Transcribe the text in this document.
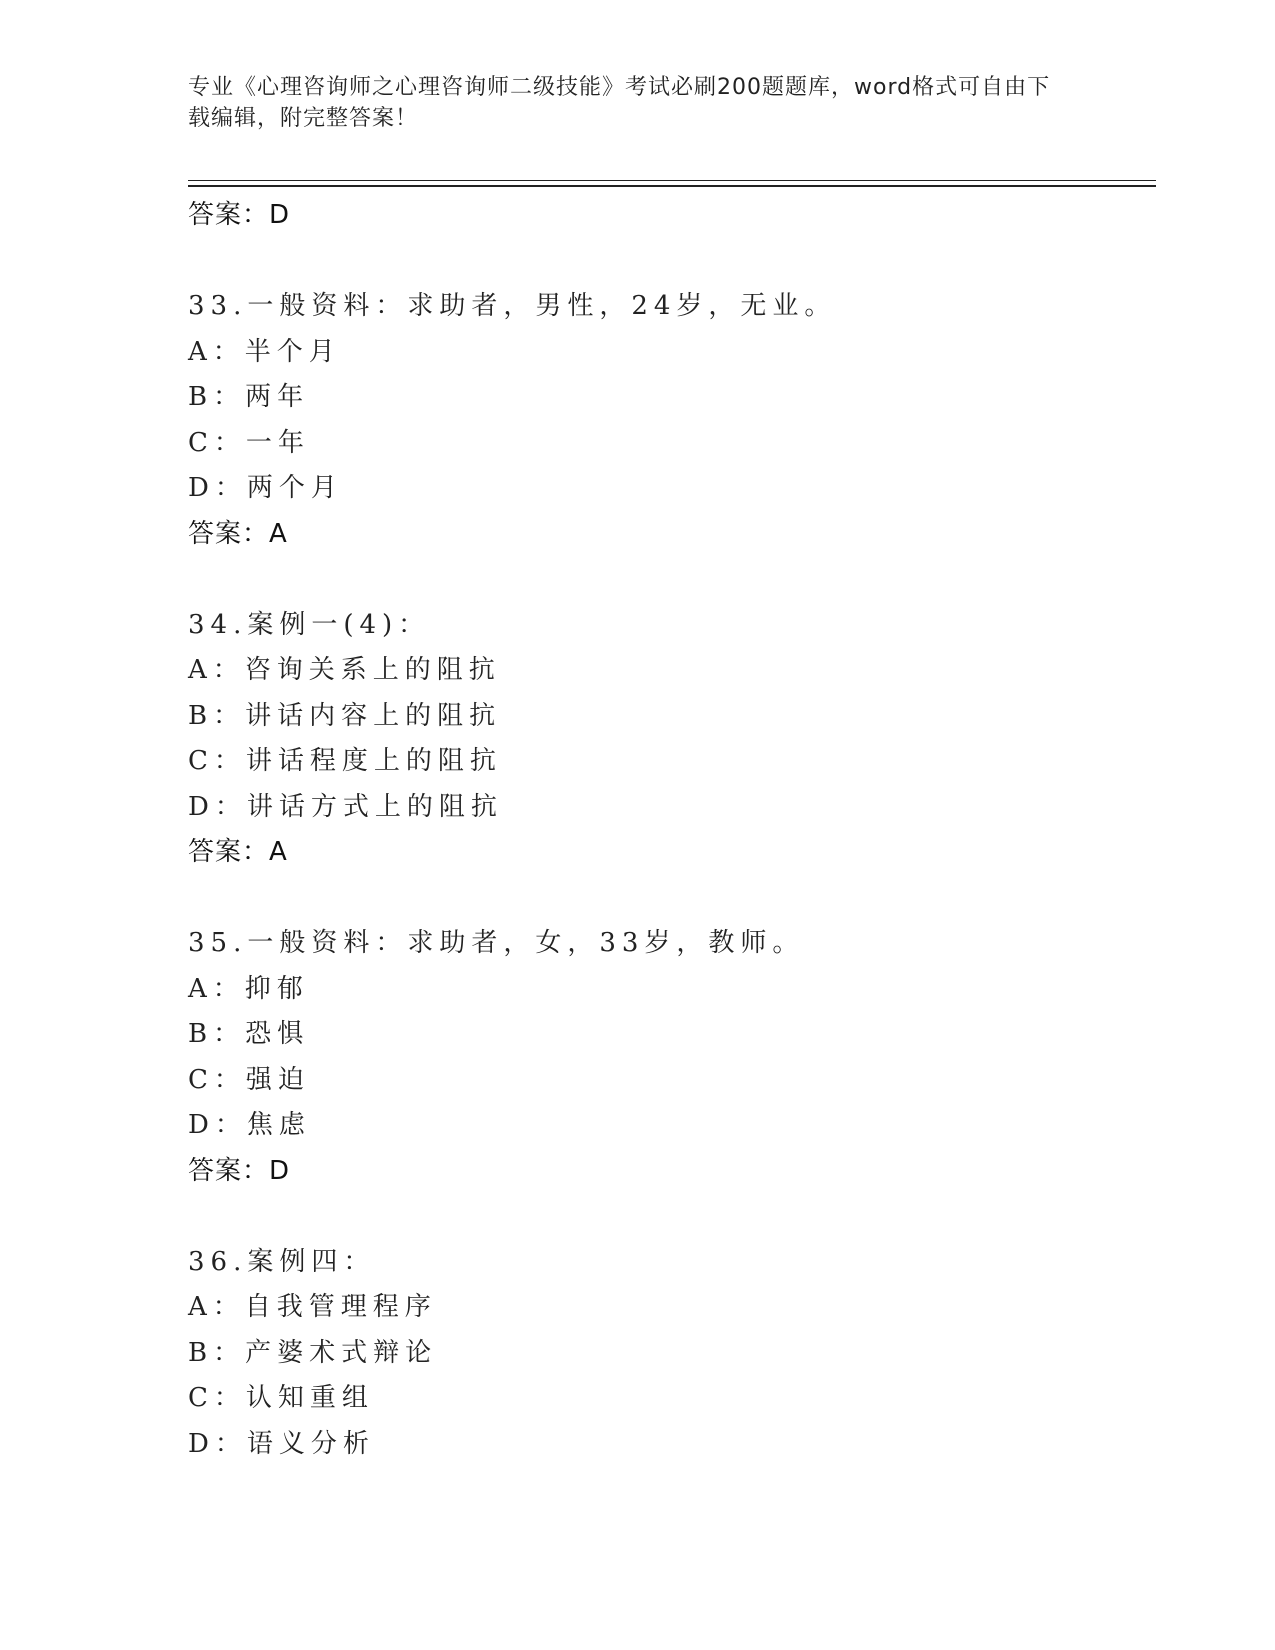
专业《心理咨询师之心理咨询师二级技能》考试必刷200题题库，word格式可自由下载编辑，附完整答案！
答案：D
33.一般资料：求助者，男性，24岁，无业。
A：半个月
B：两年
C：一年
D：两个月
答案：A
34.案例一(4)：
A：咨询关系上的阻抗
B：讲话内容上的阻抗
C：讲话程度上的阻抗
D：讲话方式上的阻抗
答案：A
35.一般资料：求助者，女，33岁，教师。
A：抑郁
B：恐惧
C：强迫
D：焦虑
答案：D
36.案例四：
A：自我管理程序
B：产婆术式辩论
C：认知重组
D：语义分析
